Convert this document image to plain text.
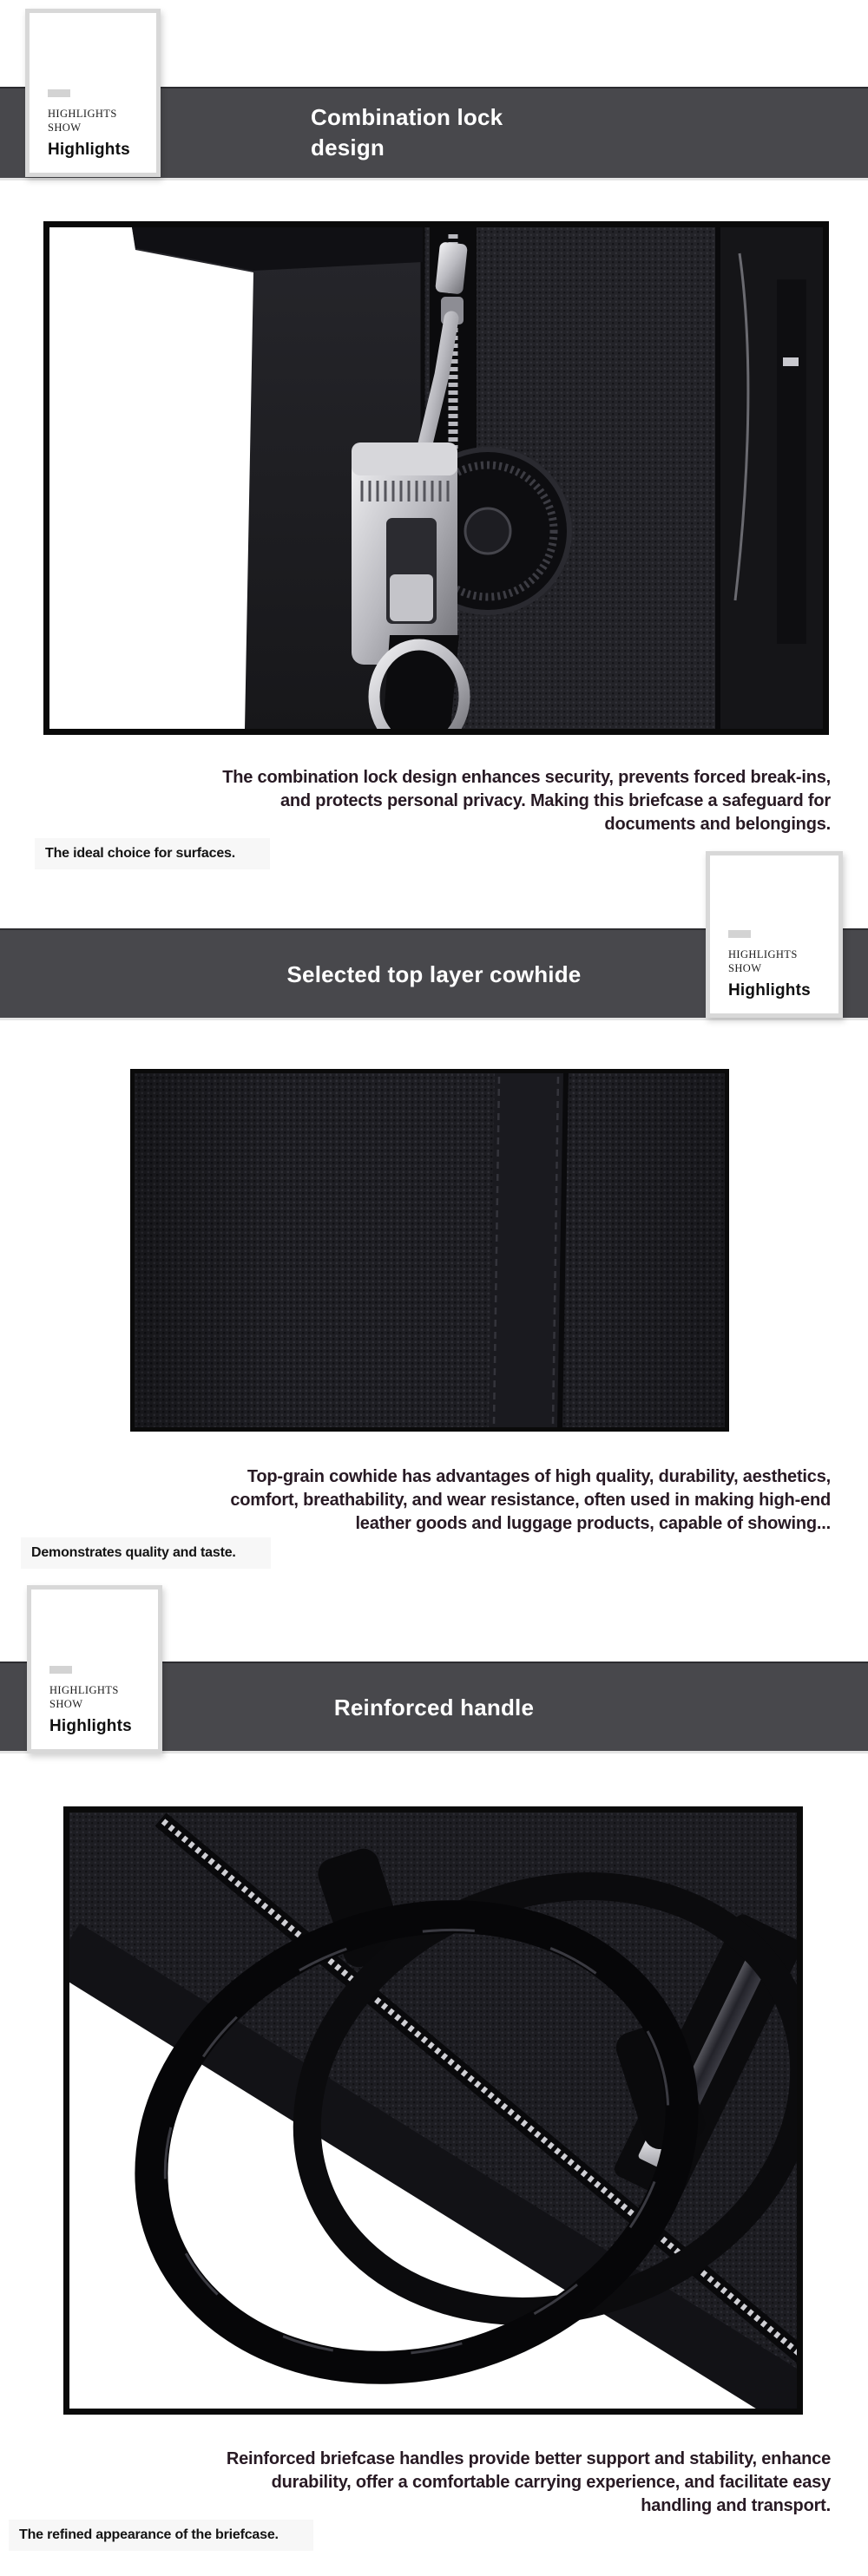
Combination lock
design
HIGHLIGHTS
SHOW
Highlights
The combination lock design enhances security, prevents forced break-ins,
and protects personal privacy. Making this briefcase a safeguard for
documents and belongings.
The ideal choice for surfaces.
Selected top layer cowhide
HIGHLIGHTS
SHOW
Highlights
Top-grain cowhide has advantages of high quality, durability, aesthetics,
comfort, breathability, and wear resistance, often used in making high-end
leather goods and luggage products, capable of showing...
Demonstrates quality and taste.
Reinforced handle
HIGHLIGHTS
SHOW
Highlights
Reinforced briefcase handles provide better support and stability, enhance
durability, offer a comfortable carrying experience, and facilitate easy
handling and transport.
The refined appearance of the briefcase.
